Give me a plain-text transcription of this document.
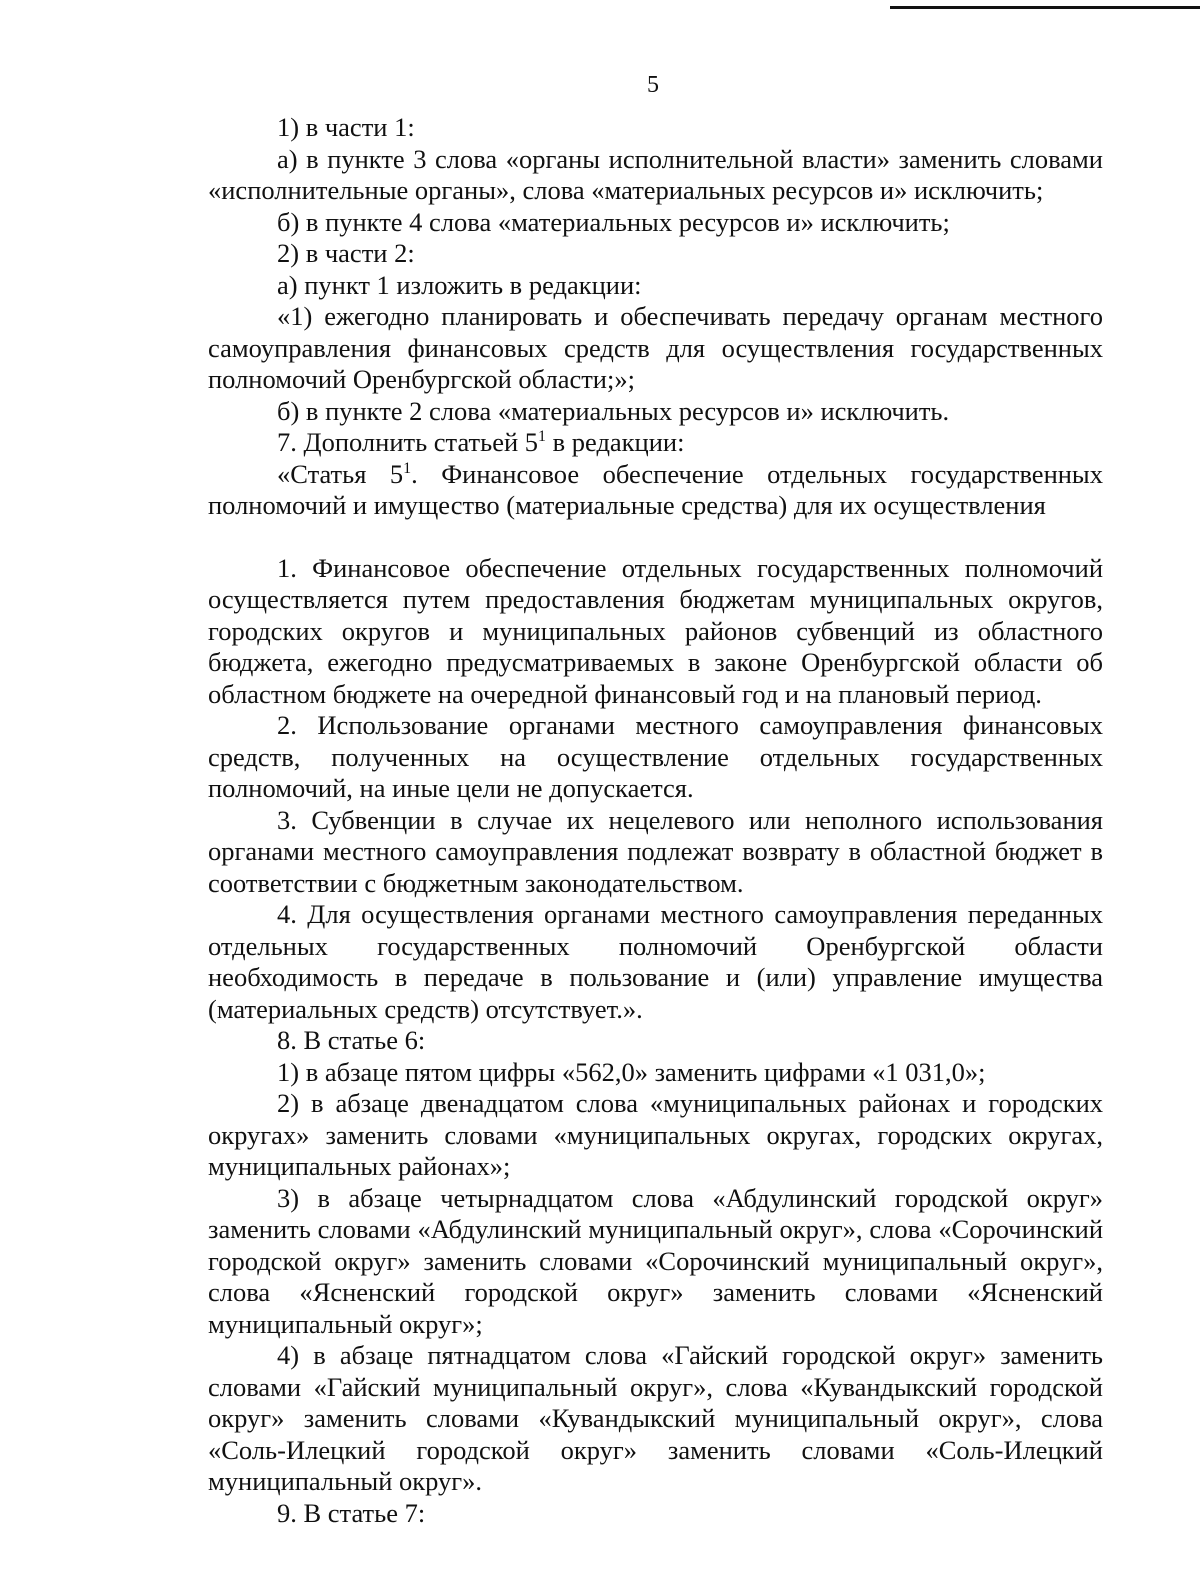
5

1) в части 1:

а) в пункте 3 слова «органы исполнительной власти» заменить словами «исполнительные органы», слова «материальных ресурсов и» исключить;

б) в пункте 4 слова «материальных ресурсов и» исключить;

2) в части 2:

а) пункт 1 изложить в редакции:

«1) ежегодно планировать и обеспечивать передачу органам местного самоуправления финансовых средств для осуществления государственных полномочий Оренбургской области;»;

б) в пункте 2 слова «материальных ресурсов и» исключить.

7. Дополнить статьей $5^1$ в редакции:

«Статья $5^1$. Финансовое обеспечение отдельных государственных полномочий и имущество (материальные средства) для их осуществления

1. Финансовое обеспечение отдельных государственных полномочий осуществляется путем предоставления бюджетам муниципальных округов, городских округов и муниципальных районов субвенций из областного бюджета, ежегодно предусматриваемых в законе Оренбургской области об областном бюджете на очередной финансовый год и на плановый период.

2. Использование органами местного самоуправления финансовых средств, полученных на осуществление отдельных государственных полномочий, на иные цели не допускается.

3. Субвенции в случае их нецелевого или неполного использования органами местного самоуправления подлежат возврату в областной бюджет в соответствии с бюджетным законодательством.

4. Для осуществления органами местного самоуправления переданных отдельных государственных полномочий Оренбургской области необходимость в передаче в пользование и (или) управление имущества (материальных средств) отсутствует.».

8. В статье 6:

1) в абзаце пятом цифры «562,0» заменить цифрами «1 031,0»;

2) в абзаце двенадцатом слова «муниципальных районах и городских округах» заменить словами «муниципальных округах, городских округах, муниципальных районах»;

3) в абзаце четырнадцатом слова «Абдулинский городской округ» заменить словами «Абдулинский муниципальный округ», слова «Сорочинский городской округ» заменить словами «Сорочинский муниципальный округ», слова «Ясненский городской округ» заменить словами «Ясненский муниципальный округ»;

4) в абзаце пятнадцатом слова «Гайский городской округ» заменить словами «Гайский муниципальный округ», слова «Кувандыкский городской округ» заменить словами «Кувандыкский муниципальный округ», слова «Соль-Илецкий городской округ» заменить словами «Соль-Илецкий муниципальный округ».

9. В статье 7:
